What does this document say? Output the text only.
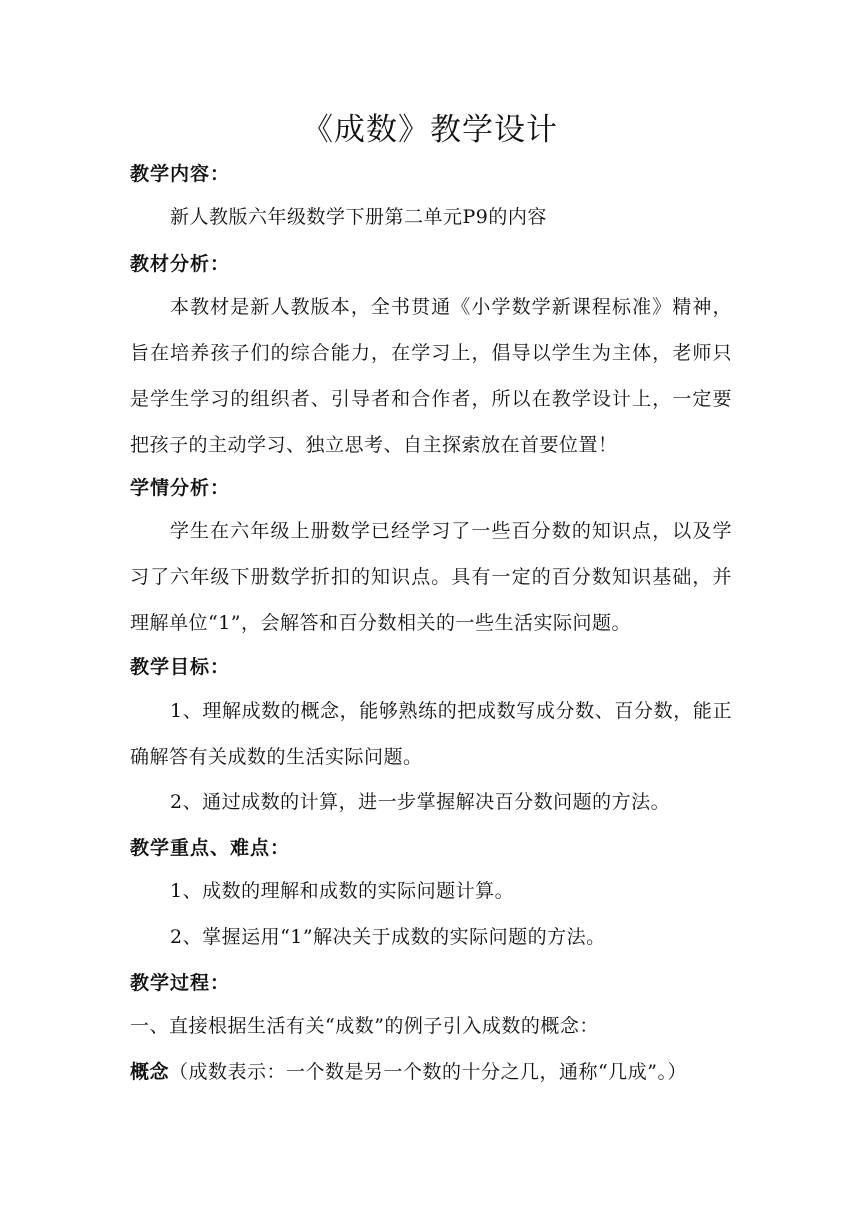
《成数》教学设计
教学内容：
新人教版六年级数学下册第二单元P9的内容
教材分析：
本教材是新人教版本，全书贯通《小学数学新课程标准》精神，旨在培养孩子们的综合能力，在学习上，倡导以学生为主体，老师只是学生学习的组织者、引导者和合作者，所以在教学设计上，一定要把孩子的主动学习、独立思考、自主探索放在首要位置！
学情分析：
学生在六年级上册数学已经学习了一些百分数的知识点，以及学习了六年级下册数学折扣的知识点。具有一定的百分数知识基础，并理解单位“1”，会解答和百分数相关的一些生活实际问题。
教学目标：
1、理解成数的概念，能够熟练的把成数写成分数、百分数，能正确解答有关成数的生活实际问题。
2、通过成数的计算，进一步掌握解决百分数问题的方法。
教学重点、难点：
1、成数的理解和成数的实际问题计算。
2、掌握运用“1”解决关于成数的实际问题的方法。
教学过程：
一、直接根据生活有关“成数”的例子引入成数的概念：
概念（成数表示：一个数是另一个数的十分之几，通称“几成”。）
